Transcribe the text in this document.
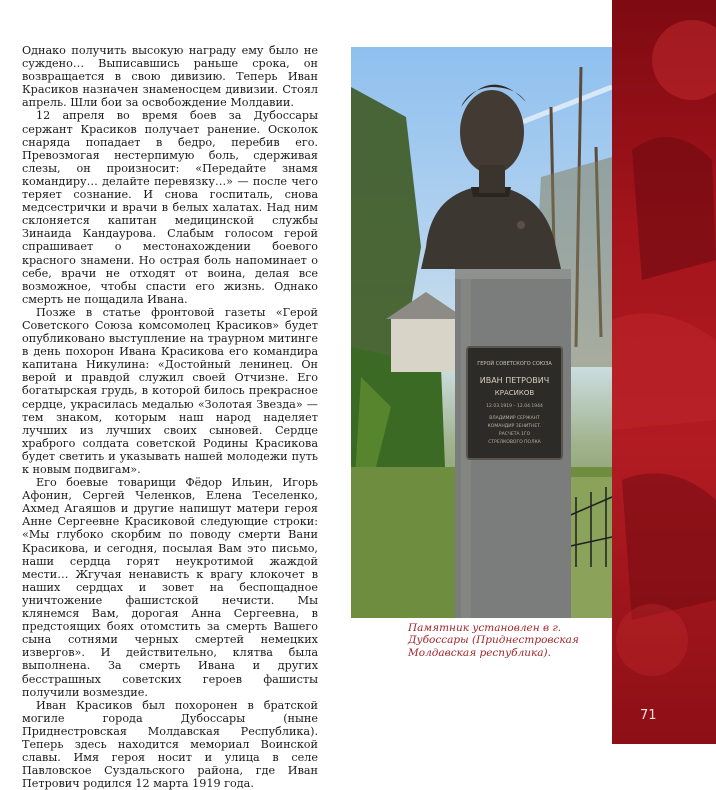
Однако получить высокую награду ему было не суждено… Выписавшись раньше срока, он возвращается в свою дивизию. Теперь Иван Красиков назначен знаменосцем дивизии. Стоял апрель. Шли бои за освобождение Молдавии.

12 апреля во время боев за Дубоссары сержант Красиков получает ранение. Осколок снаряда попадает в бедро, перебив его. Превозмогая нестерпимую боль, сдерживая слезы, он произносит: «Передайте знамя командиру… делайте перевязку…» — после чего теряет сознание. И снова госпиталь, снова медсестрички и врачи в белых халатах. Над ним склоняется капитан медицинской службы Зинаида Кандаурова. Слабым голосом герой спрашивает о местонахождении боевого красного знамени. Но острая боль напоминает о себе, врачи не отходят от воина, делая все возможное, чтобы спасти его жизнь. Однако смерть не пощадила Ивана.

Позже в статье фронтовой газеты «Герой Советского Союза комсомолец Красиков» будет опубликовано выступление на траурном митинге в день похорон Ивана Красикова его командира капитана Никулина: «Достойный ленинец. Он верой и правдой служил своей Отчизне. Его богатырская грудь, в которой билось прекрасное сердце, украсилась медалью «Золотая Звезда» — тем знаком, которым наш народ наделяет лучших из лучших своих сыновей. Сердце храброго солдата советской Родины Красикова будет светить и указывать нашей молодежи путь к новым подвигам».

Его боевые товарищи Фёдор Ильин, Игорь Афонин, Сергей Челенков, Елена Теселенко, Ахмед Агаяшов и другие напишут матери героя Анне Сергеевне Красиковой следующие строки: «Мы глубоко скорбим по поводу смерти Вани Красикова, и сегодня, посылая Вам это письмо, наши сердца горят неукротимой жаждой мести… Жгучая ненависть к врагу клокочет в наших сердцах и зовет на беспощадное уничтожение фашистской нечисти. Мы клянемся Вам, дорогая Анна Сергеевна, в предстоящих боях отомстить за смерть Вашего сына сотнями черных смертей немецких извергов». И действительно, клятва была выполнена. За смерть Ивана и других бесстрашных советских героев фашисты получили возмездие.

Иван Красиков был похоронен в братской могиле города Дубоссары (ныне Приднестровская Молдавская Республика). Теперь здесь находится мемориал Воинской славы. Имя героя носит и улица в селе Павловское Суздальского района, где Иван Петрович родился 12 марта 1919 года.

ГЕРОЙ СОВЕТСКОГО СОЮЗА
ИВАН ПЕТРОВИЧ
КРАСИКОВ
12.03.1919 – 12.04.1944
ВЛАДИМИР СЕРЖАНТ
КОМАНДИР ЗЕНИТНЕТ.
РАСЧЕТА 1ГО
СТРЕЛКОВОГО ПОЛКА
Памятник установлен в г. Дубоссары (Приднестровская Молдавская республика).
71
